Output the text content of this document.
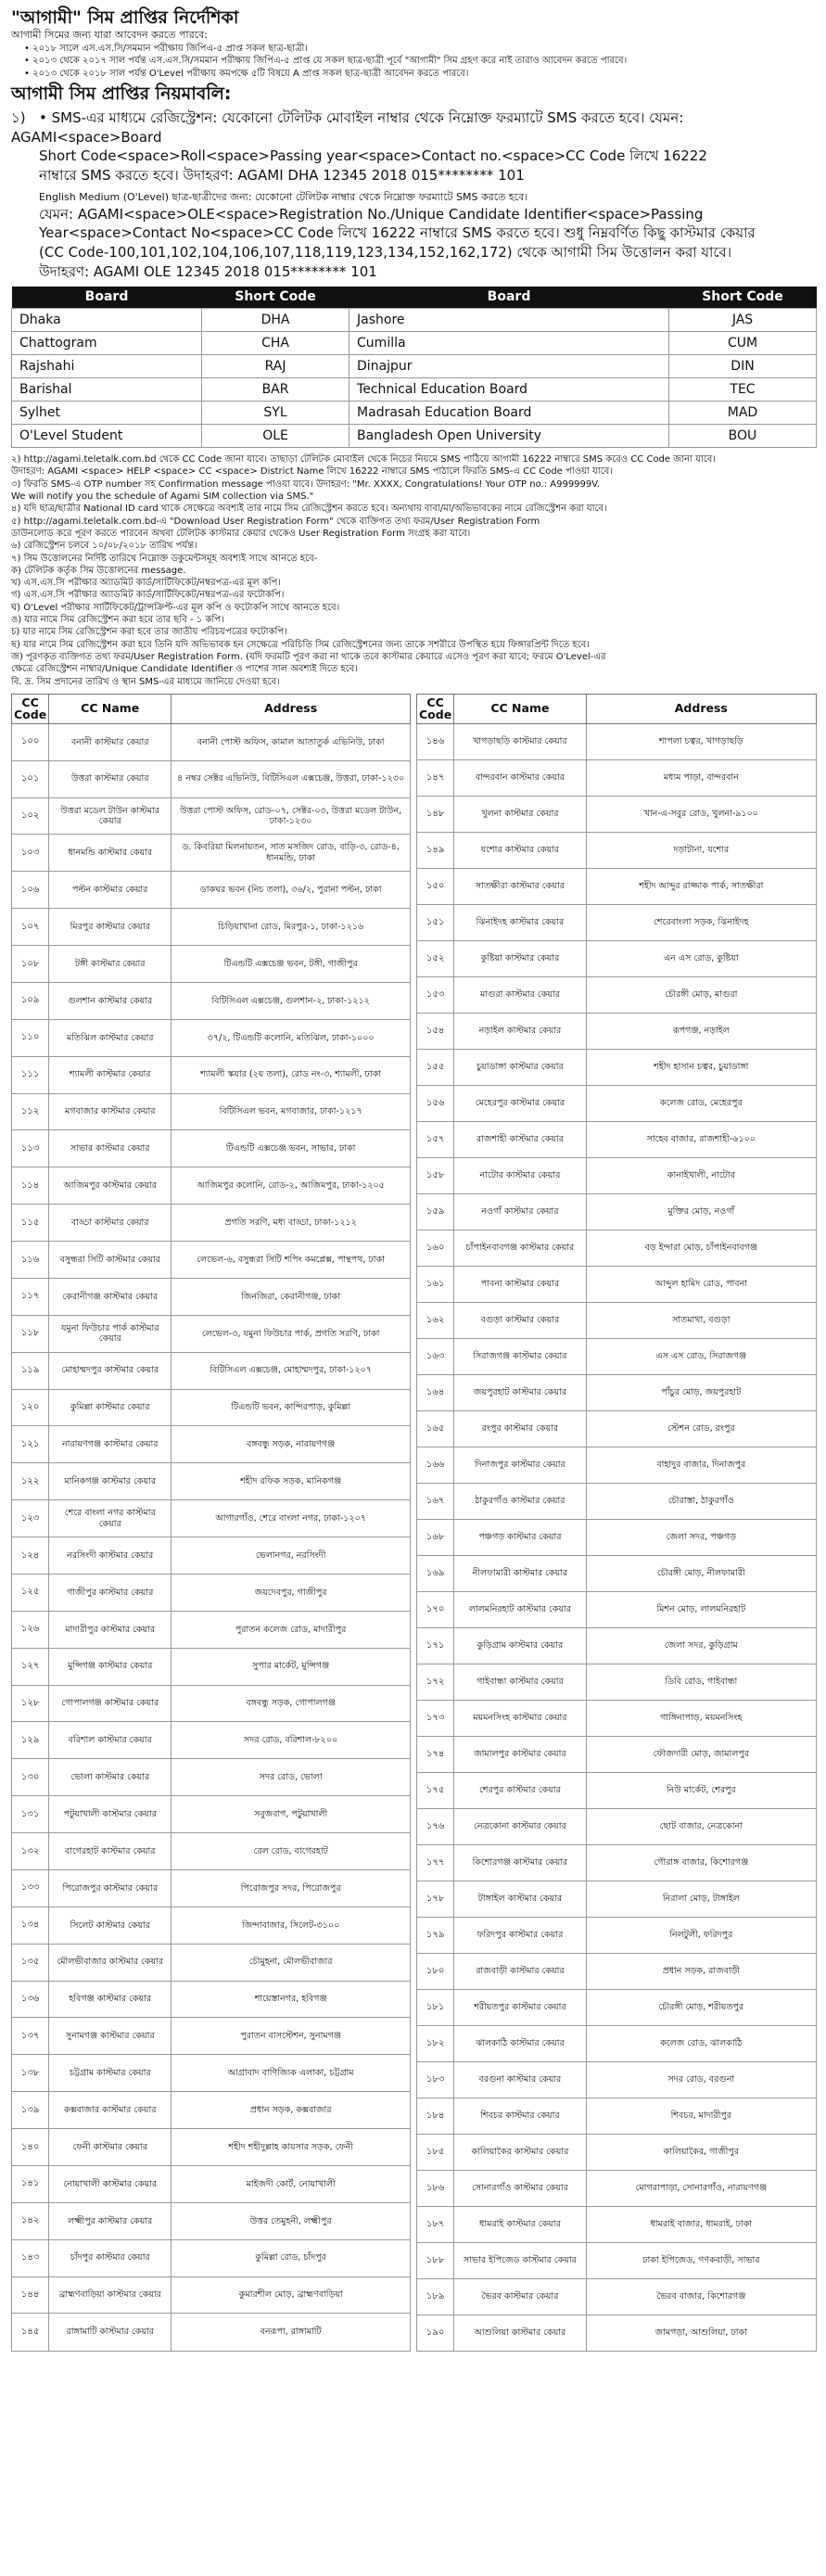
"আগামী" সিম প্রাপ্তির নির্দেশিকা

আগামী সিমের জন্য যারা আবেদন করতে পারবে:

• ২০১৮ সালে এস.এস.সি/সমমান পরীক্ষায় জিপিএ-৫ প্রাপ্ত সকল ছাত্র-ছাত্রী।
• ২০১৩ থেকে ২০১৭ সাল পর্যন্ত এস.এস.সি/সমমান পরীক্ষায় জিপিএ-৫ প্রাপ্ত যে সকল ছাত্র-ছাত্রী পূর্বে "আগামী" সিম গ্রহণ করে নাই তারাও আবেদন করতে পারবে।
• ২০১৩ থেকে ২০১৮ সাল পর্যন্ত O'Level পরীক্ষায় কমপক্ষে ৫টি বিষয়ে A প্রাপ্ত সকল ছাত্র-ছাত্রী আবেদন করতে পারবে।
আগামী সিম প্রাপ্তির নিয়মাবলি:
১) • SMS-এর মাধ্যমে রেজিস্ট্রেশন: যেকোনো টেলিটক মোবাইল নাম্বার থেকে নিম্নোক্ত ফরম্যাটে SMS করতে হবে। যেমন: AGAMI<space>Board
Short Code<space>Roll<space>Passing year<space>Contact no.<space>CC Code লিখে 16222
নাম্বারে SMS করতে হবে। উদাহরণ: AGAMI DHA 12345 2018 015******** 101
English Medium (O'Level) ছাত্র-ছাত্রীদের জন্য: যেকোনো টেলিটক নাম্বার থেকে নিম্নোক্ত ফরম্যাটে SMS করতে হবে।
যেমন: AGAMI<space>OLE<space>Registration No./Unique Candidate Identifier<space>Passing
Year<space>Contact No<space>CC Code লিখে 16222 নাম্বারে SMS করতে হবে। শুধু নিম্নবর্ণিত কিছু কাস্টমার কেয়ার
(CC Code-100,101,102,104,106,107,118,119,123,134,152,162,172) থেকে আগামী সিম উত্তোলন করা যাবে।
উদাহরণ: AGAMI OLE 12345 2018 015******** 101
Board	Short Code	Board	Short Code
Dhaka	DHA	Jashore	JAS
Chattogram	CHA	Cumilla	CUM
Rajshahi	RAJ	Dinajpur	DIN
Barishal	BAR	Technical Education Board	TEC
Sylhet	SYL	Madrasah Education Board	MAD
O'Level Student	OLE	Bangladesh Open University	BOU

২) http://agami.teletalk.com.bd থেকে CC Code জানা যাবে। তাছাড়া টেলিটক মোবাইল থেকে নিচের নিয়মে SMS পাঠিয়ে আগামী 16222 নাম্বারে SMS করেও CC Code জানা যাবে।

উদাহরণ: AGAMI <space> HELP <space> CC <space> District Name লিখে 16222 নাম্বারে SMS পাঠালে ফিরতি SMS-এ CC Code পাওয়া যাবে।

৩) ফিরতি SMS-এ OTP number সহ Confirmation message পাওয়া যাবে। উদাহরণ: "Mr. XXXX, Congratulations! Your OTP no.: A999999V.

We will notify you the schedule of Agami SIM collection via SMS."

৪) যদি ছাত্র/ছাত্রীর National ID card থাকে সেক্ষেত্রে অবশ্যই তার নামে সিম রেজিস্ট্রেশন করতে হবে। অন্যথায় বাবা/মা/অভিভাবকের নামে রেজিস্ট্রেশন করা যাবে।

৫) http://agami.teletalk.com.bd-এ "Download User Registration Form" থেকে ব্যক্তিগত তথ্য ফরম/User Registration Form

ডাউনলোড করে পূরণ করতে পারবেন অথবা টেলিটক কাস্টমার কেয়ার থেকেও User Registration Form সংগ্রহ করা যাবে।

৬) রেজিস্ট্রেশন চলবে ১০/০৮/২০১৮ তারিখ পর্যন্ত।

৭) সিম উত্তোলনের নির্দিষ্ট তারিখে নিম্নোক্ত ডকুমেন্টসমূহ অবশ্যই সাথে আনতে হবে-

ক) টেলিটক কর্তৃক সিম উত্তোলনের message.

খ) এস.এস.সি পরীক্ষার অ্যাডমিট কার্ড/সার্টিফিকেট/নম্বরপত্র-এর মূল কপি।

গ) এস.এস.সি পরীক্ষার অ্যাডমিট কার্ড/সার্টিফিকেট/নম্বরপত্র-এর ফটোকপি।

ঘ) O'Level পরীক্ষার সার্টিফিকেট/ট্রান্সক্রিপ্ট-এর মূল কপি ও ফটোকপি সাথে আনতে হবে।

ঙ) যার নামে সিম রেজিস্ট্রেশন করা হবে তার ছবি - ১ কপি।

চ) যার নামে সিম রেজিস্ট্রেশন করা হবে তার জাতীয় পরিচয়পত্রের ফটোকপি।

ছ) যার নামে সিম রেজিস্ট্রেশন করা হবে তিনি যদি অভিভাবক হন সেক্ষেত্রে পরিচিতি সিম রেজিস্ট্রেশনের জন্য তাকে সশরীরে উপস্থিত হয়ে ফিঙ্গারপ্রিন্ট দিতে হবে।

জ) পূরণকৃত ব্যক্তিগত তথ্য ফরম/User Registration Form. (যদি ফরমটি পূরণ করা না থাকে তবে কাস্টমার কেয়ারে এসেও পূরণ করা যাবে; ফরমে O'Level-এর

ক্ষেত্রে রেজিস্ট্রেশন নাম্বার/Unique Candidate Identifier ও পাশের সাল অবশ্যই দিতে হবে।

বি. দ্র. সিম প্রদানের তারিখ ও স্থান SMS-এর মাধ্যমে জানিয়ে দেওয়া হবে।

CC Code	CC Name	Address
১০০	বনানী কাস্টমার কেয়ার	বনানী পোস্ট অফিস, কামাল আতাতুর্ক এভিনিউ, ঢাকা
১০১	উত্তরা কাস্টমার কেয়ার	৪ নম্বর সেক্টর এভিনিউ, বিটিসিএল এক্সচেঞ্জ, উত্তরা, ঢাকা-১২৩০
১০২	উত্তরা মডেল টাউন কাস্টমার কেয়ার	উত্তরা পোস্ট অফিস, রোড-০৭, সেক্টর-০৩, উত্তরা মডেল টাউন, ঢাকা-১২৩০
১০৩	ধানমন্ডি কাস্টমার কেয়ার	ড. কিবরিয়া মিলনায়তন, সাত মসজিদ রোড, বাড়ি-৩, রোড-৪, ধানমন্ডি, ঢাকা
১০৬	পল্টন কাস্টমার কেয়ার	ডাকঘর ভবন (নিচ তলা), ৩৬/২, পুরানা পল্টন, ঢাকা
১০৭	মিরপুর কাস্টমার কেয়ার	চিড়িয়াখানা রোড, মিরপুর-১, ঢাকা-১২১৬
১০৮	টঙ্গী কাস্টমার কেয়ার	টিএন্ডটি এক্সচেঞ্জ ভবন, টঙ্গী, গাজীপুর
১০৯	গুলশান কাস্টমার কেয়ার	বিটিসিএল এক্সচেঞ্জ, গুলশান-২, ঢাকা-১২১২
১১০	মতিঝিল কাস্টমার কেয়ার	৩৭/২, টিএন্ডটি কলোনি, মতিঝিল, ঢাকা-১০০০
১১১	শ্যামলী কাস্টমার কেয়ার	শ্যামলী স্কয়ার (২য় তলা), রোড নং-৩, শ্যামলী, ঢাকা
১১২	মগবাজার কাস্টমার কেয়ার	বিটিসিএল ভবন, মগবাজার, ঢাকা-১২১৭
১১৩	সাভার কাস্টমার কেয়ার	টিএন্ডটি এক্সচেঞ্জ ভবন, সাভার, ঢাকা
১১৪	আজিমপুর কাস্টমার কেয়ার	আজিমপুর কলোনি, রোড-২, আজিমপুর, ঢাকা-১২০৫
১১৫	বাড্ডা কাস্টমার কেয়ার	প্রগতি সরণি, মধ্য বাড্ডা, ঢাকা-১২১২
১১৬	বসুন্ধরা সিটি কাস্টমার কেয়ার	লেভেল-৬, বসুন্ধরা সিটি শপিং কমপ্লেক্স, পান্থপথ, ঢাকা
১১৭	কেরানীগঞ্জ কাস্টমার কেয়ার	জিনজিরা, কেরানীগঞ্জ, ঢাকা
১১৮	যমুনা ফিউচার পার্ক কাস্টমার কেয়ার	লেভেল-৩, যমুনা ফিউচার পার্ক, প্রগতি সরণি, ঢাকা
১১৯	মোহাম্মদপুর কাস্টমার কেয়ার	বিটিসিএল এক্সচেঞ্জ, মোহাম্মদপুর, ঢাকা-১২০৭
১২০	কুমিল্লা কাস্টমার কেয়ার	টিএন্ডটি ভবন, কান্দিরপাড়, কুমিল্লা
১২১	নারায়ণগঞ্জ কাস্টমার কেয়ার	বঙ্গবন্ধু সড়ক, নারায়ণগঞ্জ
১২২	মানিকগঞ্জ কাস্টমার কেয়ার	শহীদ রফিক সড়ক, মানিকগঞ্জ
১২৩	শেরে বাংলা নগর কাস্টমার কেয়ার	আগারগাঁও, শেরে বাংলা নগর, ঢাকা-১২০৭
১২৪	নরসিংদী কাস্টমার কেয়ার	ভেলানগর, নরসিংদী
১২৫	গাজীপুর কাস্টমার কেয়ার	জয়দেবপুর, গাজীপুর
১২৬	মাদারীপুর কাস্টমার কেয়ার	পুরাতন কলেজ রোড, মাদারীপুর
১২৭	মুন্সিগঞ্জ কাস্টমার কেয়ার	সুপার মার্কেট, মুন্সিগঞ্জ
১২৮	গোপালগঞ্জ কাস্টমার কেয়ার	বঙ্গবন্ধু সড়ক, গোপালগঞ্জ
১২৯	বরিশাল কাস্টমার কেয়ার	সদর রোড, বরিশাল-৮২০০
১৩০	ভোলা কাস্টমার কেয়ার	সদর রোড, ভোলা
১৩১	পটুয়াখালী কাস্টমার কেয়ার	সবুজবাগ, পটুয়াখালী
১৩২	বাগেরহাট কাস্টমার কেয়ার	রেল রোড, বাগেরহাট
১৩৩	পিরোজপুর কাস্টমার কেয়ার	পিরোজপুর সদর, পিরোজপুর
১৩৪	সিলেট কাস্টমার কেয়ার	জিন্দাবাজার, সিলেট-৩১০০
১৩৫	মৌলভীবাজার কাস্টমার কেয়ার	চৌমুহনা, মৌলভীবাজার
১৩৬	হবিগঞ্জ কাস্টমার কেয়ার	শায়েস্তানগর, হবিগঞ্জ
১৩৭	সুনামগঞ্জ কাস্টমার কেয়ার	পুরাতন বাসস্টেশন, সুনামগঞ্জ
১৩৮	চট্টগ্রাম কাস্টমার কেয়ার	আগ্রাবাদ বাণিজ্যিক এলাকা, চট্টগ্রাম
১৩৯	কক্সবাজার কাস্টমার কেয়ার	প্রধান সড়ক, কক্সবাজার
১৪০	ফেনী কাস্টমার কেয়ার	শহীদ শহীদুল্লাহ কায়সার সড়ক, ফেনী
১৪১	নোয়াখালী কাস্টমার কেয়ার	মাইজদী কোর্ট, নোয়াখালী
১৪২	লক্ষ্মীপুর কাস্টমার কেয়ার	উত্তর তেমুহনী, লক্ষ্মীপুর
১৪৩	চাঁদপুর কাস্টমার কেয়ার	কুমিল্লা রোড, চাঁদপুর
১৪৪	ব্রাহ্মণবাড়িয়া কাস্টমার কেয়ার	কুমারশীল মোড়, ব্রাহ্মণবাড়িয়া
১৪৫	রাঙ্গামাটি কাস্টমার কেয়ার	বনরূপা, রাঙ্গামাটি
CC Code	CC Name	Address
১৪৬	খাগড়াছড়ি কাস্টমার কেয়ার	শাপলা চত্বর, খাগড়াছড়ি
১৪৭	বান্দরবান কাস্টমার কেয়ার	মধ্যম পাড়া, বান্দরবান
১৪৮	খুলনা কাস্টমার কেয়ার	খান-এ-সবুর রোড, খুলনা-৯১০০
১৪৯	যশোর কাস্টমার কেয়ার	দড়াটানা, যশোর
১৫০	সাতক্ষীরা কাস্টমার কেয়ার	শহীদ আব্দুর রাজ্জাক পার্ক, সাতক্ষীরা
১৫১	ঝিনাইদহ কাস্টমার কেয়ার	শেরেবাংলা সড়ক, ঝিনাইদহ
১৫২	কুষ্টিয়া কাস্টমার কেয়ার	এন এস রোড, কুষ্টিয়া
১৫৩	মাগুরা কাস্টমার কেয়ার	চৌরঙ্গী মোড়, মাগুরা
১৫৪	নড়াইল কাস্টমার কেয়ার	রূপগঞ্জ, নড়াইল
১৫৫	চুয়াডাঙ্গা কাস্টমার কেয়ার	শহীদ হাসান চত্বর, চুয়াডাঙ্গা
১৫৬	মেহেরপুর কাস্টমার কেয়ার	কলেজ রোড, মেহেরপুর
১৫৭	রাজশাহী কাস্টমার কেয়ার	সাহেব বাজার, রাজশাহী-৬১০০
১৫৮	নাটোর কাস্টমার কেয়ার	কানাইখালী, নাটোর
১৫৯	নওগাঁ কাস্টমার কেয়ার	মুক্তির মোড়, নওগাঁ
১৬০	চাঁপাইনবাবগঞ্জ কাস্টমার কেয়ার	বড় ইন্দারা মোড়, চাঁপাইনবাবগঞ্জ
১৬১	পাবনা কাস্টমার কেয়ার	আব্দুল হামিদ রোড, পাবনা
১৬২	বগুড়া কাস্টমার কেয়ার	সাতমাথা, বগুড়া
১৬৩	সিরাজগঞ্জ কাস্টমার কেয়ার	এস এস রোড, সিরাজগঞ্জ
১৬৪	জয়পুরহাট কাস্টমার কেয়ার	পাঁচুর মোড়, জয়পুরহাট
১৬৫	রংপুর কাস্টমার কেয়ার	স্টেশন রোড, রংপুর
১৬৬	দিনাজপুর কাস্টমার কেয়ার	বাহাদুর বাজার, দিনাজপুর
১৬৭	ঠাকুরগাঁও কাস্টমার কেয়ার	চৌরাস্তা, ঠাকুরগাঁও
১৬৮	পঞ্চগড় কাস্টমার কেয়ার	জেলা সদর, পঞ্চগড়
১৬৯	নীলফামারী কাস্টমার কেয়ার	চৌরঙ্গী মোড়, নীলফামারী
১৭০	লালমনিরহাট কাস্টমার কেয়ার	মিশন মোড়, লালমনিরহাট
১৭১	কুড়িগ্রাম কাস্টমার কেয়ার	জেলা সদর, কুড়িগ্রাম
১৭২	গাইবান্ধা কাস্টমার কেয়ার	ডিবি রোড, গাইবান্ধা
১৭৩	ময়মনসিংহ কাস্টমার কেয়ার	গাঙ্গিনাপাড়, ময়মনসিংহ
১৭৪	জামালপুর কাস্টমার কেয়ার	ফৌজদারী মোড়, জামালপুর
১৭৫	শেরপুর কাস্টমার কেয়ার	নিউ মার্কেট, শেরপুর
১৭৬	নেত্রকোনা কাস্টমার কেয়ার	ছোট বাজার, নেত্রকোনা
১৭৭	কিশোরগঞ্জ কাস্টমার কেয়ার	গৌরাঙ্গ বাজার, কিশোরগঞ্জ
১৭৮	টাঙ্গাইল কাস্টমার কেয়ার	নিরালা মোড়, টাঙ্গাইল
১৭৯	ফরিদপুর কাস্টমার কেয়ার	নিলটুলী, ফরিদপুর
১৮০	রাজবাড়ী কাস্টমার কেয়ার	প্রধান সড়ক, রাজবাড়ী
১৮১	শরীয়তপুর কাস্টমার কেয়ার	চৌরঙ্গী মোড়, শরীয়তপুর
১৮২	ঝালকাঠি কাস্টমার কেয়ার	কলেজ রোড, ঝালকাঠি
১৮৩	বরগুনা কাস্টমার কেয়ার	সদর রোড, বরগুনা
১৮৪	শিবচর কাস্টমার কেয়ার	শিবচর, মাদারীপুর
১৮৫	কালিয়াকৈর কাস্টমার কেয়ার	কালিয়াকৈর, গাজীপুর
১৮৬	সোনারগাঁও কাস্টমার কেয়ার	মোগরাপাড়া, সোনারগাঁও, নারায়ণগঞ্জ
১৮৭	ধামরাই কাস্টমার কেয়ার	ধামরাই বাজার, ধামরাই, ঢাকা
১৮৮	সাভার ইপিজেড কাস্টমার কেয়ার	ঢাকা ইপিজেড, গণকবাড়ী, সাভার
১৮৯	ভৈরব কাস্টমার কেয়ার	ভৈরব বাজার, কিশোরগঞ্জ
১৯০	আশুলিয়া কাস্টমার কেয়ার	জামগড়া, আশুলিয়া, ঢাকা
